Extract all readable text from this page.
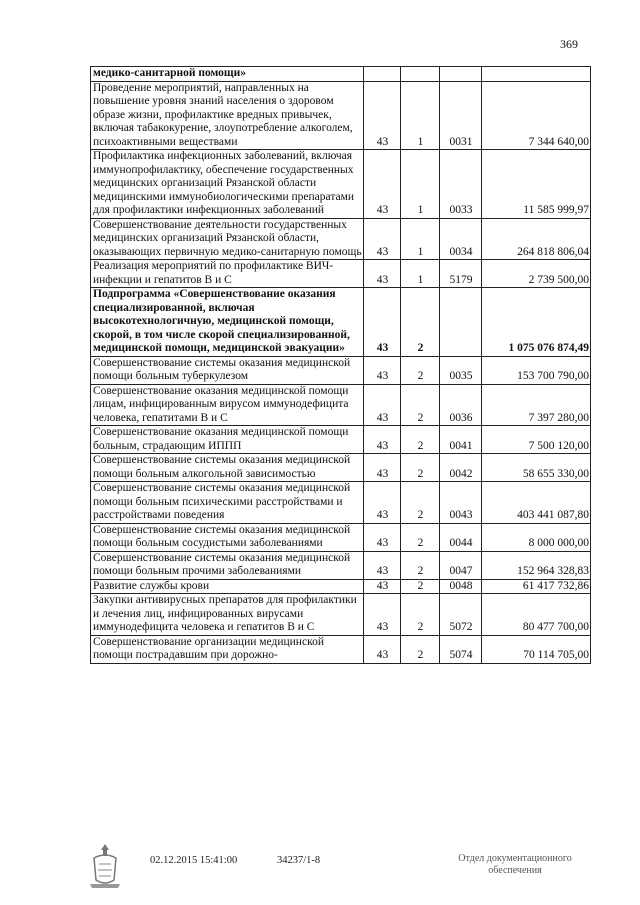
369
медико-санитарной помощи»				
Проведение мероприятий, направленных на повышение уровня знаний населения о здоровом образе жизни, профилактике вредных привычек, включая табакокурение, злоупотребление алкоголем, психоактивными веществами	43	1	0031	7 344 640,00
Профилактика инфекционных заболеваний, включая иммунопрофилактику, обеспечение государственных медицинских организаций Рязанской области медицинскими иммунобиологическими препаратами для профилактики инфекционных заболеваний	43	1	0033	11 585 999,97
Совершенствование деятельности государственных медицинских организаций Рязанской области, оказывающих первичную медико-санитарную помощь	43	1	0034	264 818 806,04
Реализация мероприятий по профилактике ВИЧ-инфекции и гепатитов В и С	43	1	5179	2 739 500,00
Подпрограмма «Совершенствование оказания специализированной, включая высокотехнологичную, медицинской помощи, скорой, в том числе скорой специализированной, медицинской помощи, медицинской эвакуации»	43	2		1 075 076 874,49
Совершенствование системы оказания медицинской помощи больным туберкулезом	43	2	0035	153 700 790,00
Совершенствование оказания медицинской помощи лицам, инфицированным вирусом иммунодефицита человека, гепатитами В и С	43	2	0036	7 397 280,00
Совершенствование оказания медицинской помощи больным, страдающим ИППП	43	2	0041	7 500 120,00
Совершенствование системы оказания медицинской помощи больным алкогольной зависимостью	43	2	0042	58 655 330,00
Совершенствование системы оказания медицинской помощи больным психическими расстройствами и расстройствами поведения	43	2	0043	403 441 087,80
Совершенствование системы оказания медицинской помощи больным сосудистыми заболеваниями	43	2	0044	8 000 000,00
Совершенствование системы оказания медицинской помощи больным прочими заболеваниями	43	2	0047	152 964 328,83
Развитие службы крови	43	2	0048	61 417 732,86
Закупки антивирусных препаратов для профилактики и лечения лиц, инфицированных вирусами иммунодефицита человека и гепатитов В и С	43	2	5072	80 477 700,00
Совершенствование организации медицинской помощи пострадавшим при дорожно-	43	2	5074	70 114 705,00
02.12.2015 15:41:00	34237/1-8	Отдел документационного
обеспечения
